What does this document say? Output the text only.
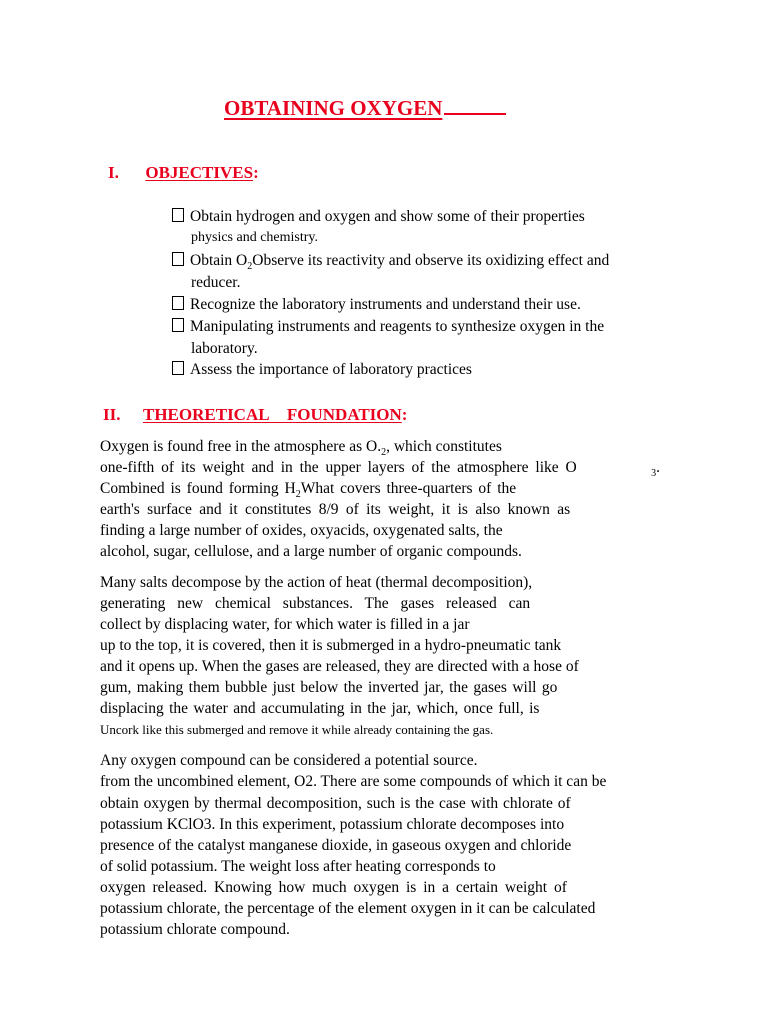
OBTAINING OXYGEN
I. OBJECTIVES:
Obtain hydrogen and oxygen and show some of their properties
physics and chemistry.
Obtain $O_2Observe$ its reactivity and observe its oxidizing effect and
reducer.
Recognize the laboratory instruments and understand their use.
Manipulating instruments and reagents to synthesize oxygen in the
laboratory.
Assess the importance of laboratory practices
II. THEORETICAL FOUNDATION:
Oxygen is found free in the atmosphere as $O._2$, which constitutes
one-fifth of its weight and in the upper layers of the atmosphere like O	$_3$.
Combined is found forming $H_2What$ covers three-quarters of the
earth's surface and it constitutes 8/9 of its weight, it is also known as
finding a large number of oxides, oxyacids, oxygenated salts, the
alcohol, sugar, cellulose, and a large number of organic compounds.
Many salts decompose by the action of heat (thermal decomposition),
generating new chemical substances. The gases released can
collect by displacing water, for which water is filled in a jar
up to the top, it is covered, then it is submerged in a hydro-pneumatic tank
and it opens up. When the gases are released, they are directed with a hose of
gum, making them bubble just below the inverted jar, the gases will go
displacing the water and accumulating in the jar, which, once full, is
Uncork like this submerged and remove it while already containing the gas.
Any oxygen compound can be considered a potential source.
from the uncombined element, O2. There are some compounds of which it can be
obtain oxygen by thermal decomposition, such is the case with chlorate of
potassium KClO3. In this experiment, potassium chlorate decomposes into
presence of the catalyst manganese dioxide, in gaseous oxygen and chloride
of solid potassium. The weight loss after heating corresponds to
oxygen released. Knowing how much oxygen is in a certain weight of
potassium chlorate, the percentage of the element oxygen in it can be calculated
potassium chlorate compound.
